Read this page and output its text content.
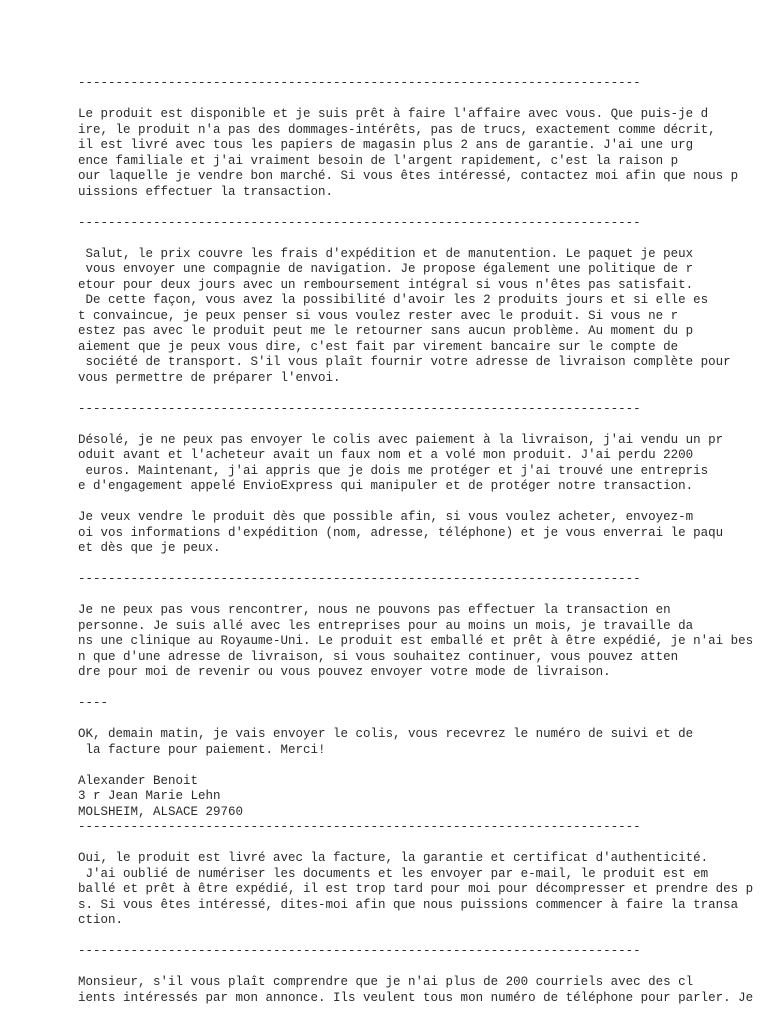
---------------------------------------------------------------------------
Le produit est disponible et je suis prêt à faire l'affaire avec vous. Que puis-je d
ire, le produit n'a pas des dommages-intérêts, pas de trucs, exactement comme décrit,
il est livré avec tous les papiers de magasin plus 2 ans de garantie. J'ai une urg
ence familiale et j'ai vraiment besoin de l'argent rapidement, c'est la raison p
our laquelle je vendre bon marché. Si vous êtes intéressé, contactez moi afin que nous p
uissions effectuer la transaction.
---------------------------------------------------------------------------
Salut, le prix couvre les frais d'expédition et de manutention. Le paquet je peux
vous envoyer une compagnie de navigation. Je propose également une politique de r
etour pour deux jours avec un remboursement intégral si vous n'êtes pas satisfait.
De cette façon, vous avez la possibilité d'avoir les 2 produits jours et si elle es
t convaincue, je peux penser si vous voulez rester avec le produit. Si vous ne r
estez pas avec le produit peut me le retourner sans aucun problème. Au moment du p
aiement que je peux vous dire, c'est fait par virement bancaire sur le compte de
société de transport. S'il vous plaît fournir votre adresse de livraison complète pour
vous permettre de préparer l'envoi.
---------------------------------------------------------------------------
Désolé, je ne peux pas envoyer le colis avec paiement à la livraison, j'ai vendu un pr
oduit avant et l'acheteur avait un faux nom et a volé mon produit. J'ai perdu 2200
euros. Maintenant, j'ai appris que je dois me protéger et j'ai trouvé une entrepris
e d'engagement appelé EnvioExpress qui manipuler et de protéger notre transaction.
Je veux vendre le produit dès que possible afin, si vous voulez acheter, envoyez-m
oi vos informations d'expédition (nom, adresse, téléphone) et je vous enverrai le paqu
et dès que je peux.
---------------------------------------------------------------------------
Je ne peux pas vous rencontrer, nous ne pouvons pas effectuer la transaction en
personne. Je suis allé avec les entreprises pour au moins un mois, je travaille da
ns une clinique au Royaume-Uni. Le produit est emballé et prêt à être expédié, je n'ai bes
n que d'une adresse de livraison, si vous souhaitez continuer, vous pouvez atten
dre pour moi de revenir ou vous pouvez envoyer votre mode de livraison.
----
OK, demain matin, je vais envoyer le colis, vous recevrez le numéro de suivi et de
la facture pour paiement. Merci!
Alexander Benoit
3 r Jean Marie Lehn
MOLSHEIM, ALSACE 29760
---------------------------------------------------------------------------
Oui, le produit est livré avec la facture, la garantie et certificat d'authenticité.
J'ai oublié de numériser les documents et les envoyer par e-mail, le produit est em
ballé et prêt à être expédié, il est trop tard pour moi pour décompresser et prendre des p
s. Si vous êtes intéressé, dites-moi afin que nous puissions commencer à faire la transa
ction.
---------------------------------------------------------------------------
Monsieur, s'il vous plaît comprendre que je n'ai plus de 200 courriels avec des cl
ients intéressés par mon annonce. Ils veulent tous mon numéro de téléphone pour parler. Je
